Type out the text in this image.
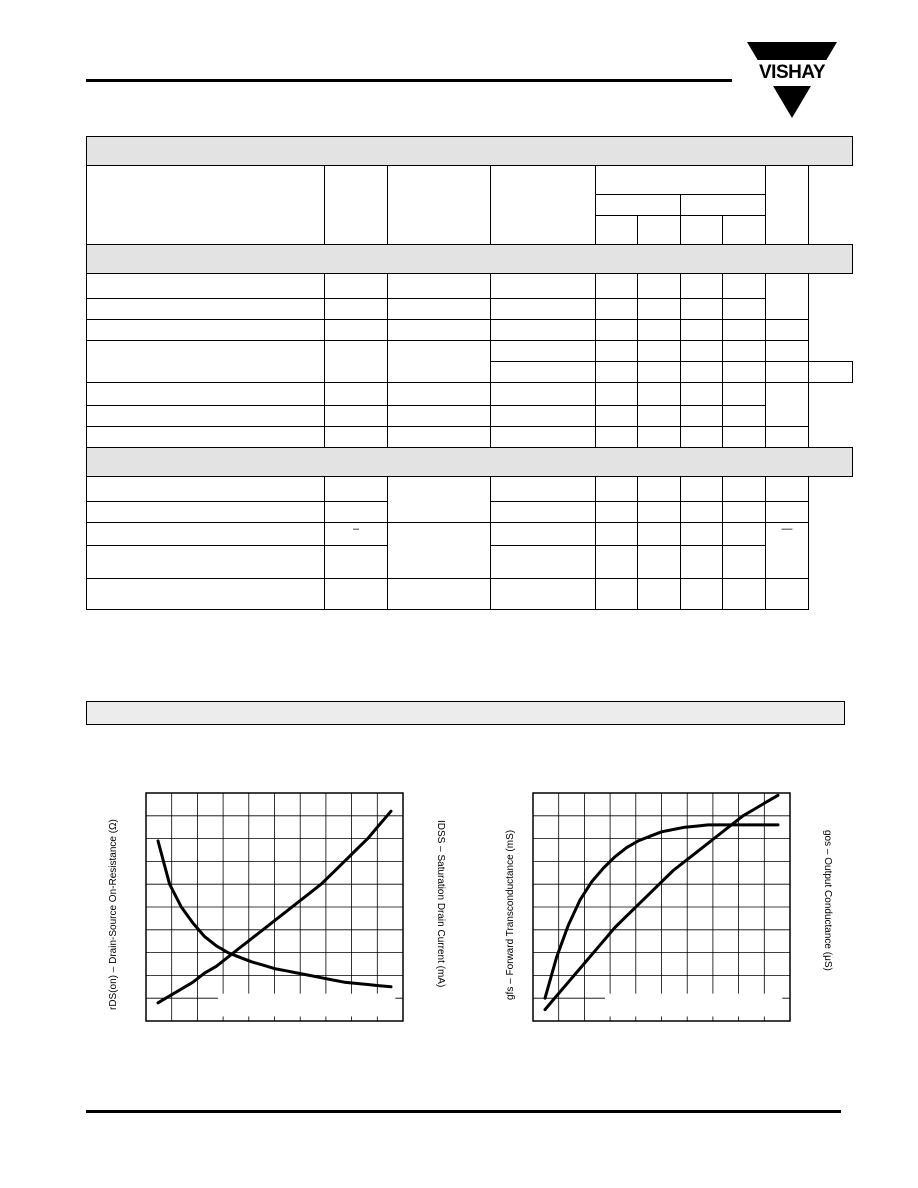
VISHAY

	–							—	

rDS(on) – Drain-Source On-Resistance (Ω)	IDSS – Saturation Drain Current (mA)	gfs – Forward Transconductance (mS)	gos – Output Conductance (μS)
